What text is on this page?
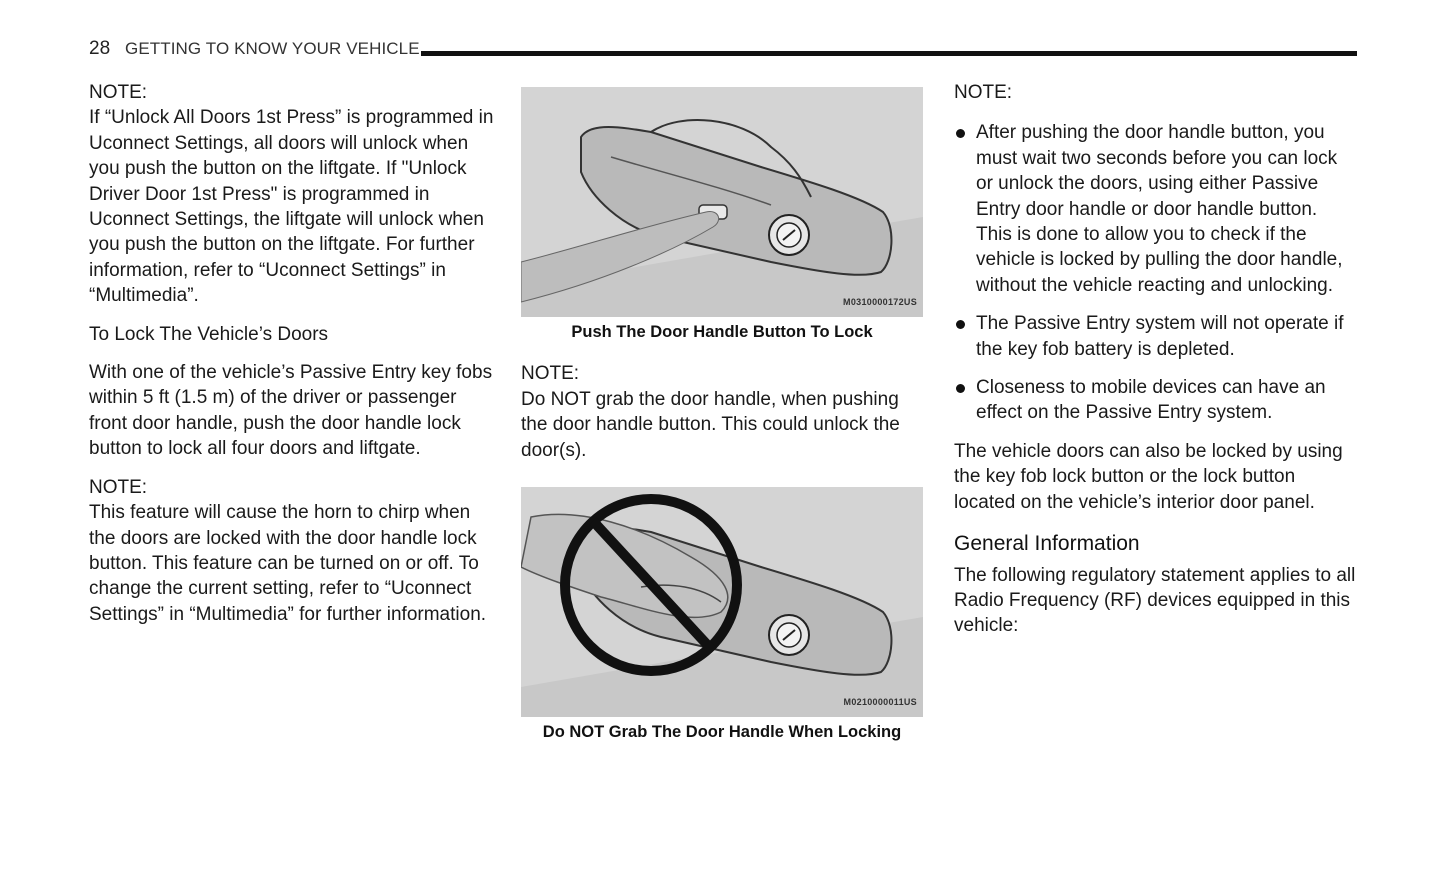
28 GETTING TO KNOW YOUR VEHICLE

NOTE:

If “Unlock All Doors 1st Press” is programmed in Uconnect Settings, all doors will unlock when you push the button on the liftgate. If "Unlock Driver Door 1st Press" is programmed in Uconnect Settings, the liftgate will unlock when you push the button on the liftgate. For further information, refer to “Uconnect Settings” in “Multimedia”.

To Lock The Vehicle’s Doors

With one of the vehicle’s Passive Entry key fobs within 5 ft (1.5 m) of the driver or passenger front door handle, push the door handle lock button to lock all four doors and liftgate.

NOTE:

This feature will cause the horn to chirp when the doors are locked with the door handle lock button. This feature can be turned on or off. To change the current setting, refer to “Uconnect Settings” in “Multimedia” for further information.

M0310000172US

Push The Door Handle Button To Lock

NOTE:

Do NOT grab the door handle, when pushing the door handle button. This could unlock the door(s).

M0210000011US

Do NOT Grab The Door Handle When Locking

NOTE:

After pushing the door handle button, you must wait two seconds before you can lock or unlock the doors, using either Passive Entry door handle or door handle button. This is done to allow you to check if the vehicle is locked by pulling the door handle, without the vehicle reacting and unlocking.
The Passive Entry system will not operate if the key fob battery is depleted.
Closeness to mobile devices can have an effect on the Passive Entry system.

The vehicle doors can also be locked by using the key fob lock button or the lock button located on the vehicle’s interior door panel.

General Information

The following regulatory statement applies to all Radio Frequency (RF) devices equipped in this vehicle:
